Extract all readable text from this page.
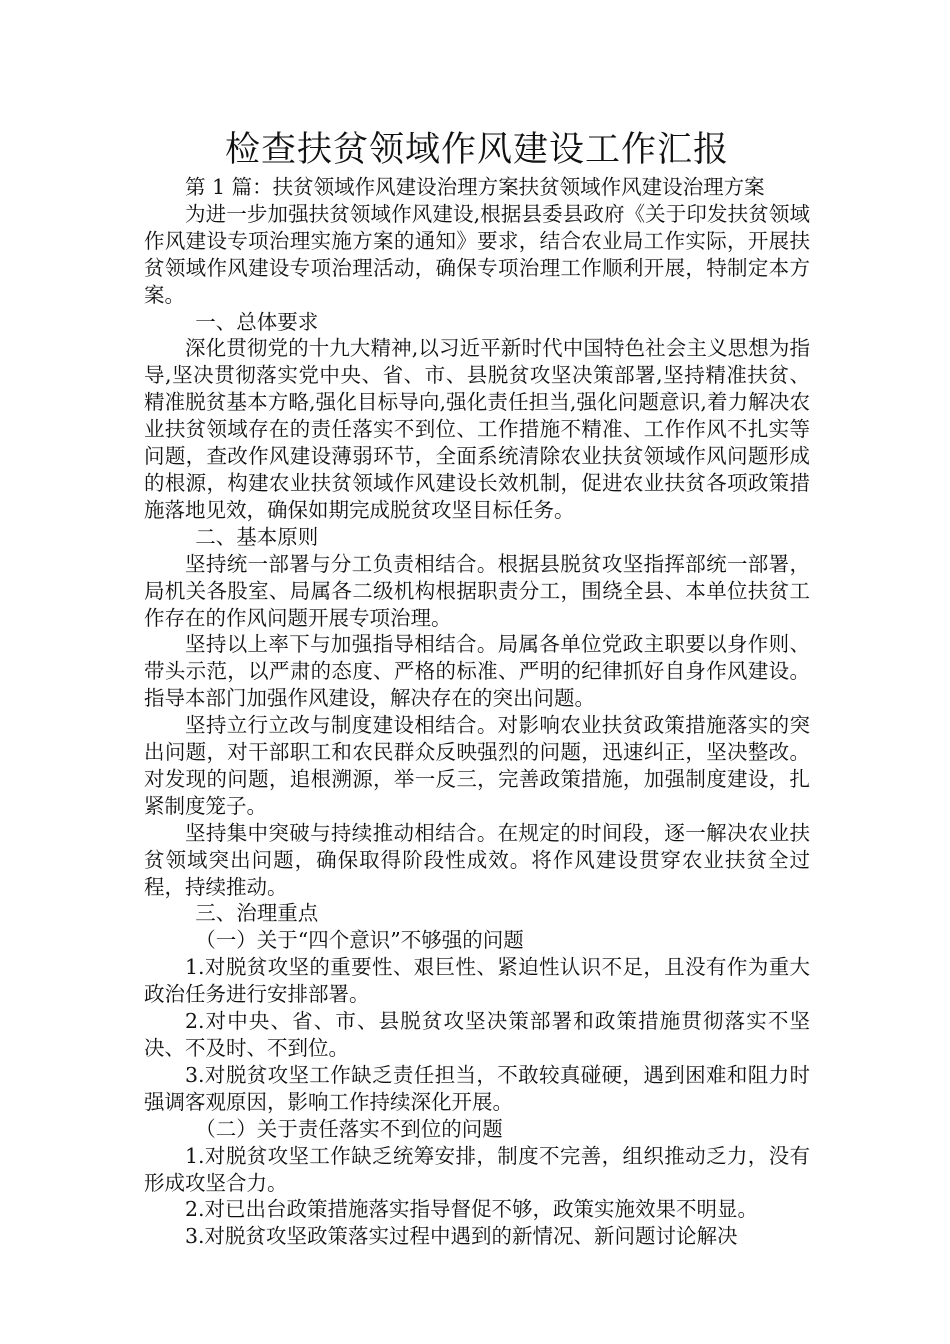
检查扶贫领域作风建设工作汇报

第 1 篇：扶贫领域作风建设治理方案扶贫领域作风建设治理方案

为进一步加强扶贫领域作风建设,根据县委县政府《关于印发扶贫领域作风建设专项治理实施方案的通知》要求，结合农业局工作实际，开展扶贫领域作风建设专项治理活动，确保专项治理工作顺利开展，特制定本方案。

一、总体要求

深化贯彻党的十九大精神,以习近平新时代中国特色社会主义思想为指导,坚决贯彻落实党中央、省、市、县脱贫攻坚决策部署,坚持精准扶贫、精准脱贫基本方略,强化目标导向,强化责任担当,强化问题意识,着力解决农业扶贫领域存在的责任落实不到位、工作措施不精准、工作作风不扎实等问题，查改作风建设薄弱环节，全面系统清除农业扶贫领域作风问题形成的根源，构建农业扶贫领域作风建设长效机制，促进农业扶贫各项政策措施落地见效，确保如期完成脱贫攻坚目标任务。

二、基本原则

坚持统一部署与分工负责相结合。根据县脱贫攻坚指挥部统一部署，局机关各股室、局属各二级机构根据职责分工，围绕全县、本单位扶贫工作存在的作风问题开展专项治理。

坚持以上率下与加强指导相结合。局属各单位党政主职要以身作则、带头示范，以严肃的态度、严格的标准、严明的纪律抓好自身作风建设。指导本部门加强作风建设，解决存在的突出问题。

坚持立行立改与制度建设相结合。对影响农业扶贫政策措施落实的突出问题，对干部职工和农民群众反映强烈的问题，迅速纠正，坚决整改。对发现的问题，追根溯源，举一反三，完善政策措施，加强制度建设，扎紧制度笼子。

坚持集中突破与持续推动相结合。在规定的时间段，逐一解决农业扶贫领域突出问题，确保取得阶段性成效。将作风建设贯穿农业扶贫全过程，持续推动。

三、治理重点

（一）关于“四个意识”不够强的问题

1.对脱贫攻坚的重要性、艰巨性、紧迫性认识不足，且没有作为重大政治任务进行安排部署。

2.对中央、省、市、县脱贫攻坚决策部署和政策措施贯彻落实不坚决、不及时、不到位。

3.对脱贫攻坚工作缺乏责任担当，不敢较真碰硬，遇到困难和阻力时强调客观原因，影响工作持续深化开展。

（二）关于责任落实不到位的问题

1.对脱贫攻坚工作缺乏统筹安排，制度不完善，组织推动乏力，没有形成攻坚合力。

2.对已出台政策措施落实指导督促不够，政策实施效果不明显。

3.对脱贫攻坚政策落实过程中遇到的新情况、新问题讨论解决
